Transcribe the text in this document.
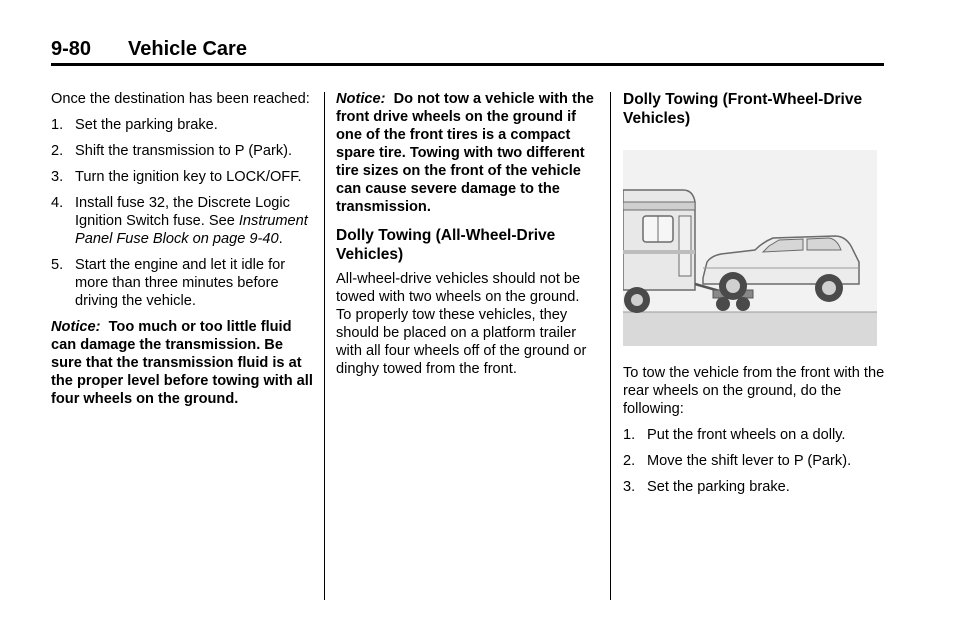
9-80 Vehicle Care

Once the destination has been reached:

1. Set the parking brake.
2. Shift the transmission to P (Park).
3. Turn the ignition key to LOCK/OFF.
4. Install fuse 32, the Discrete Logic Ignition Switch fuse. See Instrument Panel Fuse Block on page 9-40.
5. Start the engine and let it idle for more than three minutes before driving the vehicle.

Notice: Too much or too little fluid can damage the transmission. Be sure that the transmission fluid is at the proper level before towing with all four wheels on the ground.

Notice: Do not tow a vehicle with the front drive wheels on the ground if one of the front tires is a compact spare tire. Towing with two different tire sizes on the front of the vehicle can cause severe damage to the transmission.

Dolly Towing (All-Wheel-Drive Vehicles)

All-wheel-drive vehicles should not be towed with two wheels on the ground. To properly tow these vehicles, they should be placed on a platform trailer with all four wheels off of the ground or dinghy towed from the front.

Dolly Towing (Front-Wheel-Drive Vehicles)

To tow the vehicle from the front with the rear wheels on the ground, do the following:

1. Put the front wheels on a dolly.
2. Move the shift lever to P (Park).
3. Set the parking brake.
